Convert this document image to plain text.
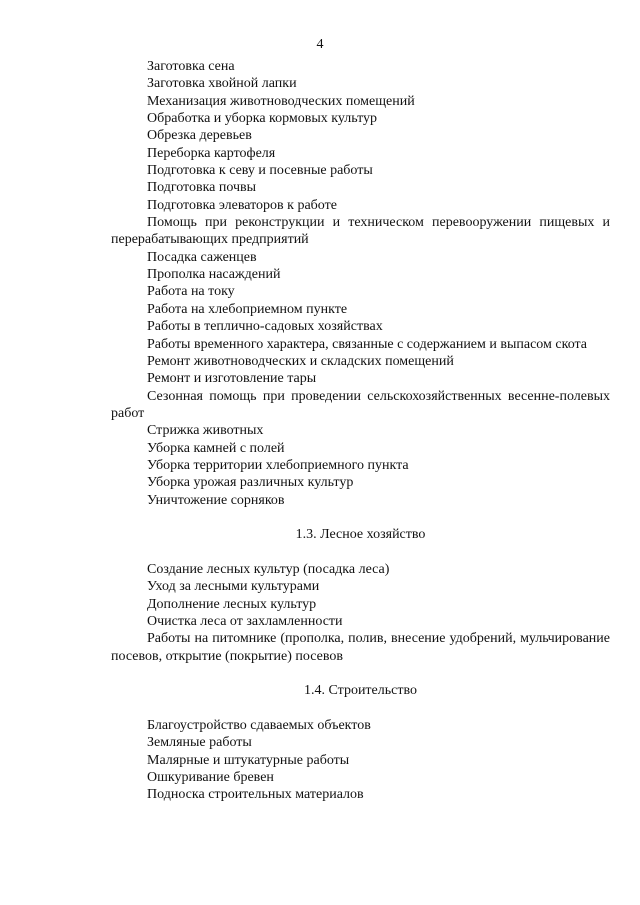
4

Заготовка сена

Заготовка хвойной лапки

Механизация животноводческих помещений

Обработка и уборка кормовых культур

Обрезка деревьев

Переборка картофеля

Подготовка к севу и посевные работы

Подготовка почвы

Подготовка элеваторов к работе

Помощь при реконструкции и техническом перевооружении пищевых и перерабатывающих предприятий

Посадка саженцев

Прополка насаждений

Работа на току

Работа на хлебоприемном пункте

Работы в теплично-садовых хозяйствах

Работы временного характера, связанные с содержанием и выпасом скота

Ремонт животноводческих и складских помещений

Ремонт и изготовление тары

Сезонная помощь при проведении сельскохозяйственных весенне-полевых работ

Стрижка животных

Уборка камней с полей

Уборка территории хлебоприемного пункта

Уборка урожая различных культур

Уничтожение сорняков

1.3. Лесное хозяйство

Создание лесных культур (посадка леса)

Уход за лесными культурами

Дополнение лесных культур

Очистка леса от захламленности

Работы на питомнике (прополка, полив, внесение удобрений, мульчирование посевов, открытие (покрытие) посевов

1.4. Строительство

Благоустройство сдаваемых объектов

Земляные работы

Малярные и штукатурные работы

Ошкуривание бревен

Подноска строительных материалов
